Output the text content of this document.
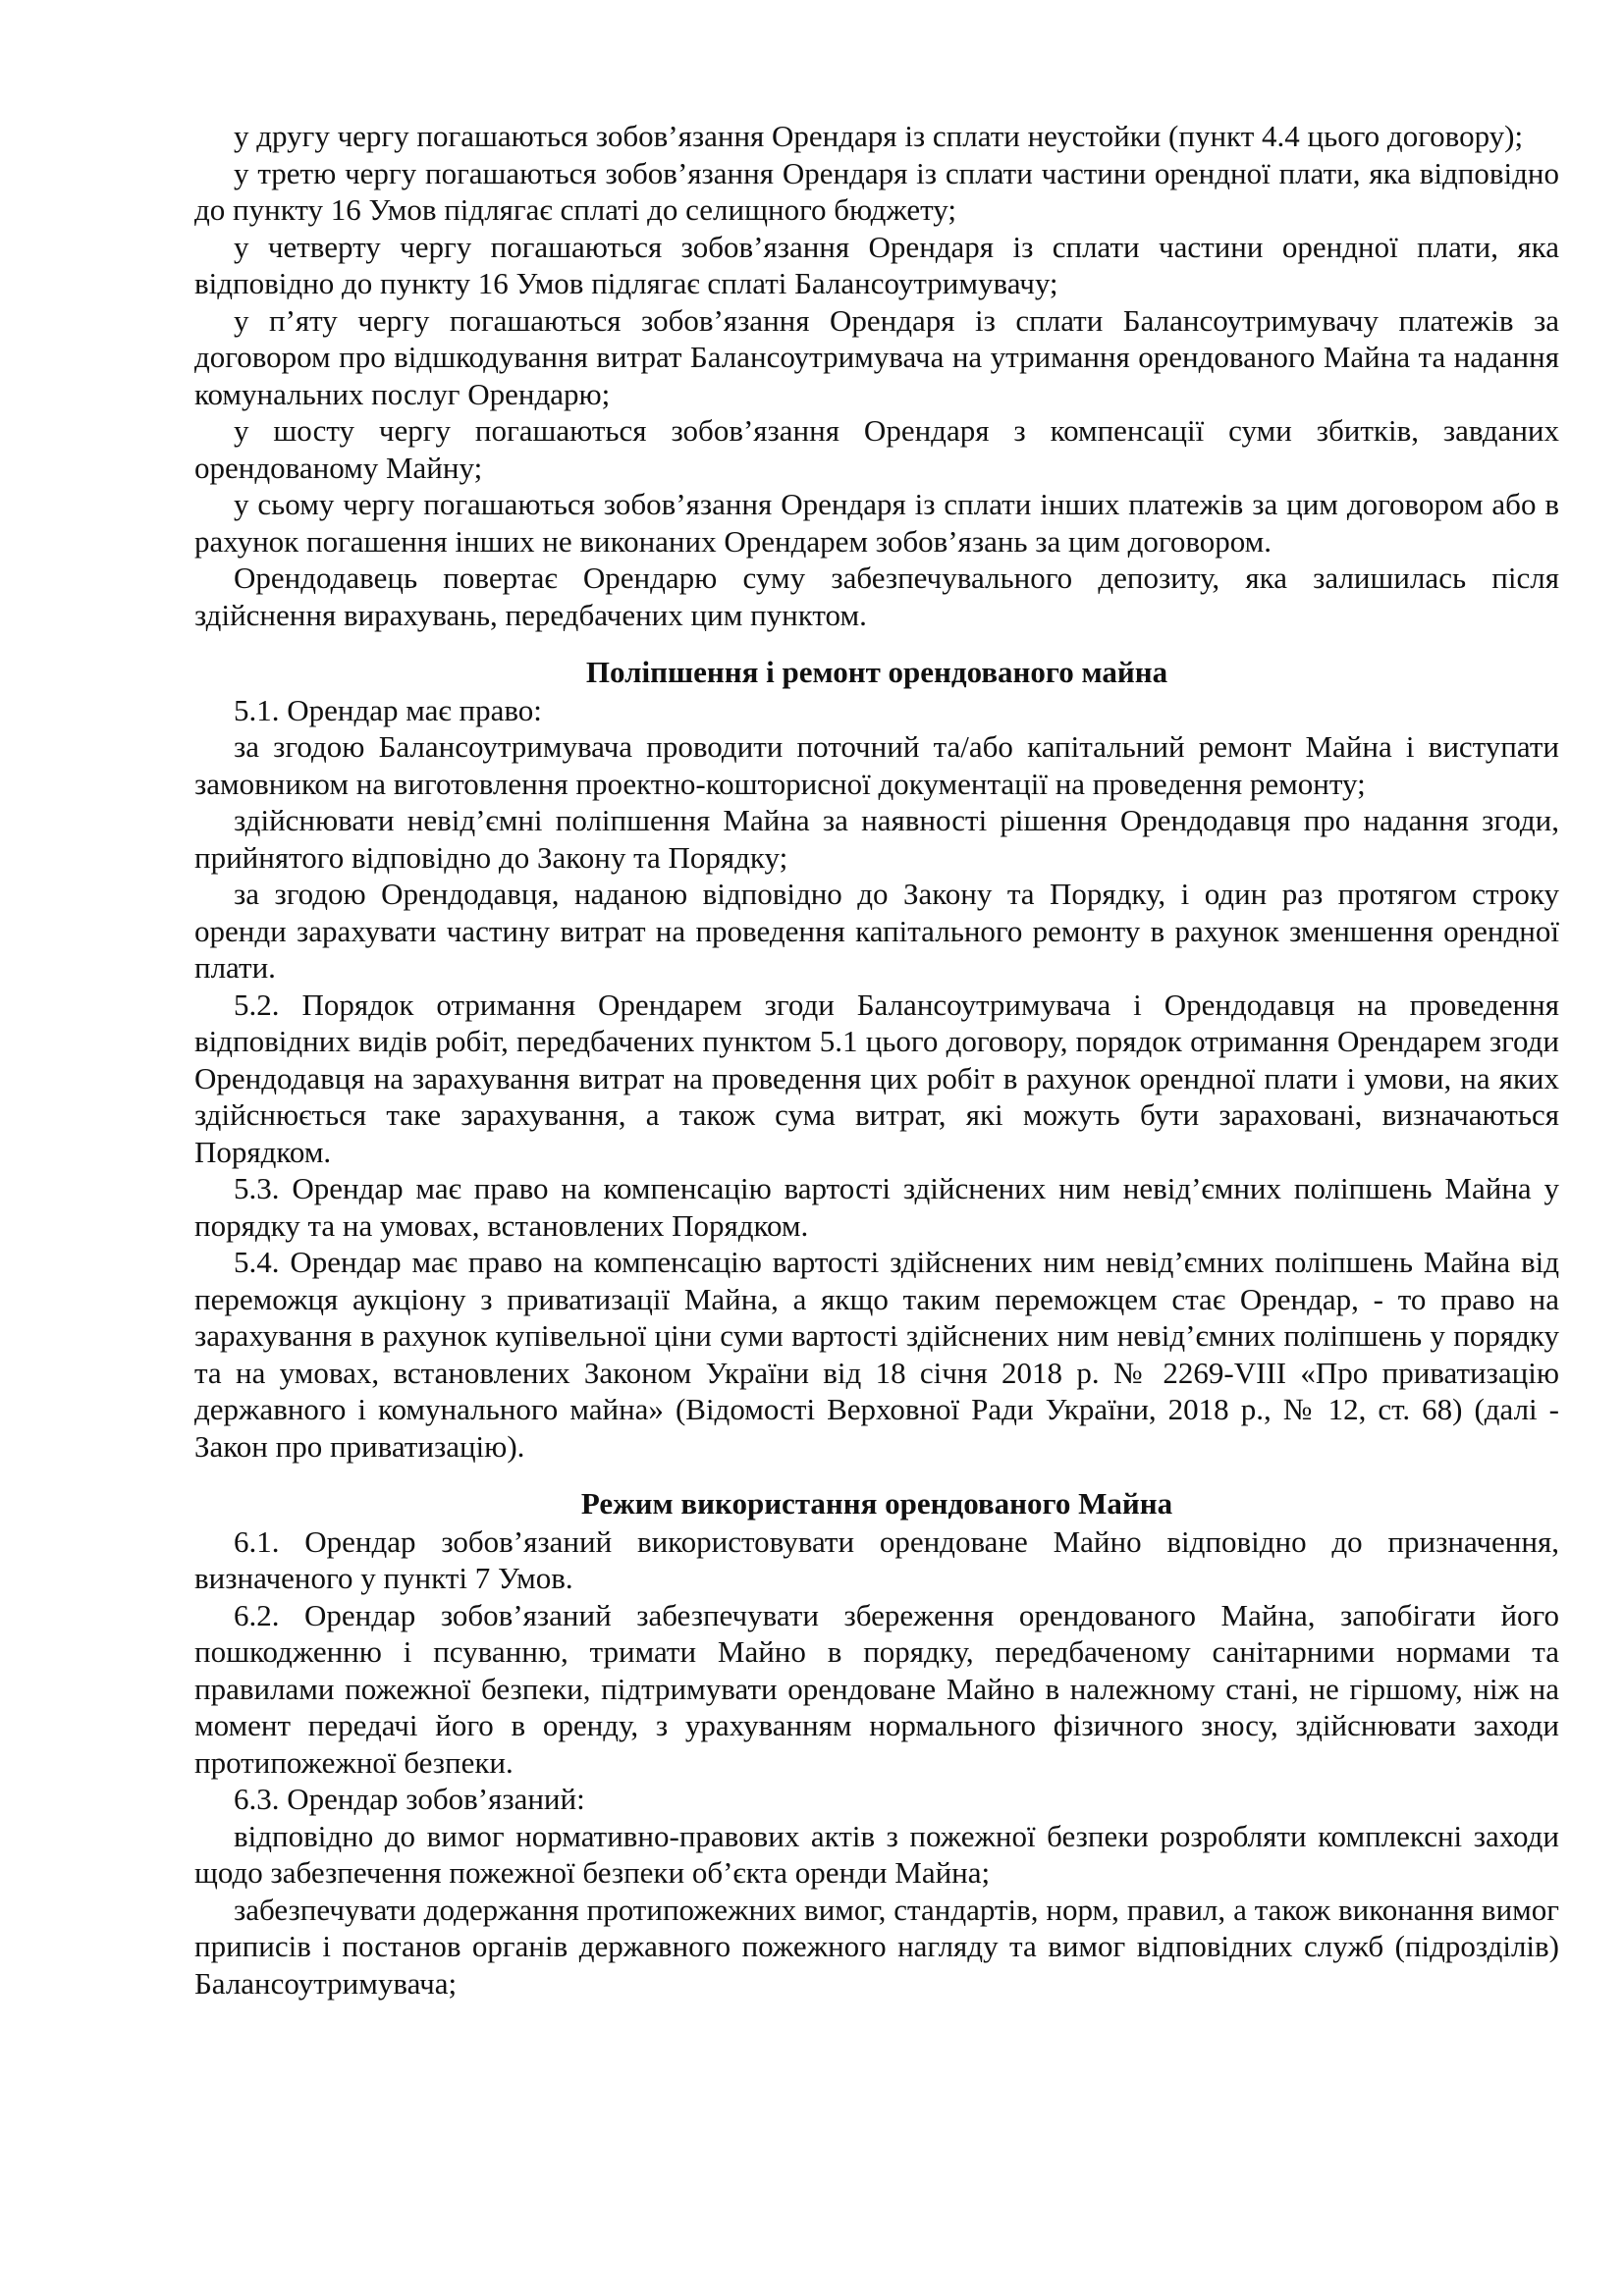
у другу чергу погашаються зобов’язання Орендаря із сплати неустойки (пункт 4.4 цього договору);

у третю чергу погашаються зобов’язання Орендаря із сплати частини орендної плати, яка відповідно до пункту 16 Умов підлягає сплаті до селищного бюджету;

у четверту чергу погашаються зобов’язання Орендаря із сплати частини орендної плати, яка відповідно до пункту 16 Умов підлягає сплаті Балансоутримувачу;

у п’яту чергу погашаються зобов’язання Орендаря із сплати Балансоутримувачу платежів за договором про відшкодування витрат Балансоутримувача на утримання орендованого Майна та надання комунальних послуг Орендарю;

у шосту чергу погашаються зобов’язання Орендаря з компенсації суми збитків, завданих орендованому Майну;

у сьому чергу погашаються зобов’язання Орендаря із сплати інших платежів за цим договором або в рахунок погашення інших не виконаних Орендарем зобов’язань за цим договором.

Орендодавець повертає Орендарю суму забезпечувального депозиту, яка залишилась після здійснення вирахувань, передбачених цим пунктом.

Поліпшення і ремонт орендованого майна

5.1. Орендар має право:

за згодою Балансоутримувача проводити поточний та/або капітальний ремонт Майна і виступати замовником на виготовлення проектно-кошторисної документації на проведення ремонту;

здійснювати невід’ємні поліпшення Майна за наявності рішення Орендодавця про надання згоди, прийнятого відповідно до Закону та Порядку;

за згодою Орендодавця, наданою відповідно до Закону та Порядку, і один раз протягом строку оренди зарахувати частину витрат на проведення капітального ремонту в рахунок зменшення орендної плати.

5.2. Порядок отримання Орендарем згоди Балансоутримувача і Орендодавця на проведення відповідних видів робіт, передбачених пунктом 5.1 цього договору, порядок отримання Орендарем згоди Орендодавця на зарахування витрат на проведення цих робіт в рахунок орендної плати і умови, на яких здійснюється таке зарахування, а також сума витрат, які можуть бути зараховані, визначаються Порядком.

5.3. Орендар має право на компенсацію вартості здійснених ним невід’ємних поліпшень Майна у порядку та на умовах, встановлених Порядком.

5.4. Орендар має право на компенсацію вартості здійснених ним невід’ємних поліпшень Майна від переможця аукціону з приватизації Майна, а якщо таким переможцем стає Орендар, - то право на зарахування в рахунок купівельної ціни суми вартості здійснених ним невід’ємних поліпшень у порядку та на умовах, встановлених Законом України від 18 січня 2018 р. № 2269-VIII «Про приватизацію державного і комунального майна» (Відомості Верховної Ради України, 2018 р., № 12, ст. 68) (далі - Закон про приватизацію).

Режим використання орендованого Майна

6.1. Орендар зобов’язаний використовувати орендоване Майно відповідно до призначення, визначеного у пункті 7 Умов.

6.2. Орендар зобов’язаний забезпечувати збереження орендованого Майна, запобігати його пошкодженню і псуванню, тримати Майно в порядку, передбаченому санітарними нормами та правилами пожежної безпеки, підтримувати орендоване Майно в належному стані, не гіршому, ніж на момент передачі його в оренду, з урахуванням нормального фізичного зносу, здійснювати заходи протипожежної безпеки.

6.3. Орендар зобов’язаний:

відповідно до вимог нормативно-правових актів з пожежної безпеки розробляти комплексні заходи щодо забезпечення пожежної безпеки об’єкта оренди Майна;

забезпечувати додержання протипожежних вимог, стандартів, норм, правил, а також виконання вимог приписів і постанов органів державного пожежного нагляду та вимог відповідних служб (підрозділів) Балансоутримувача;
